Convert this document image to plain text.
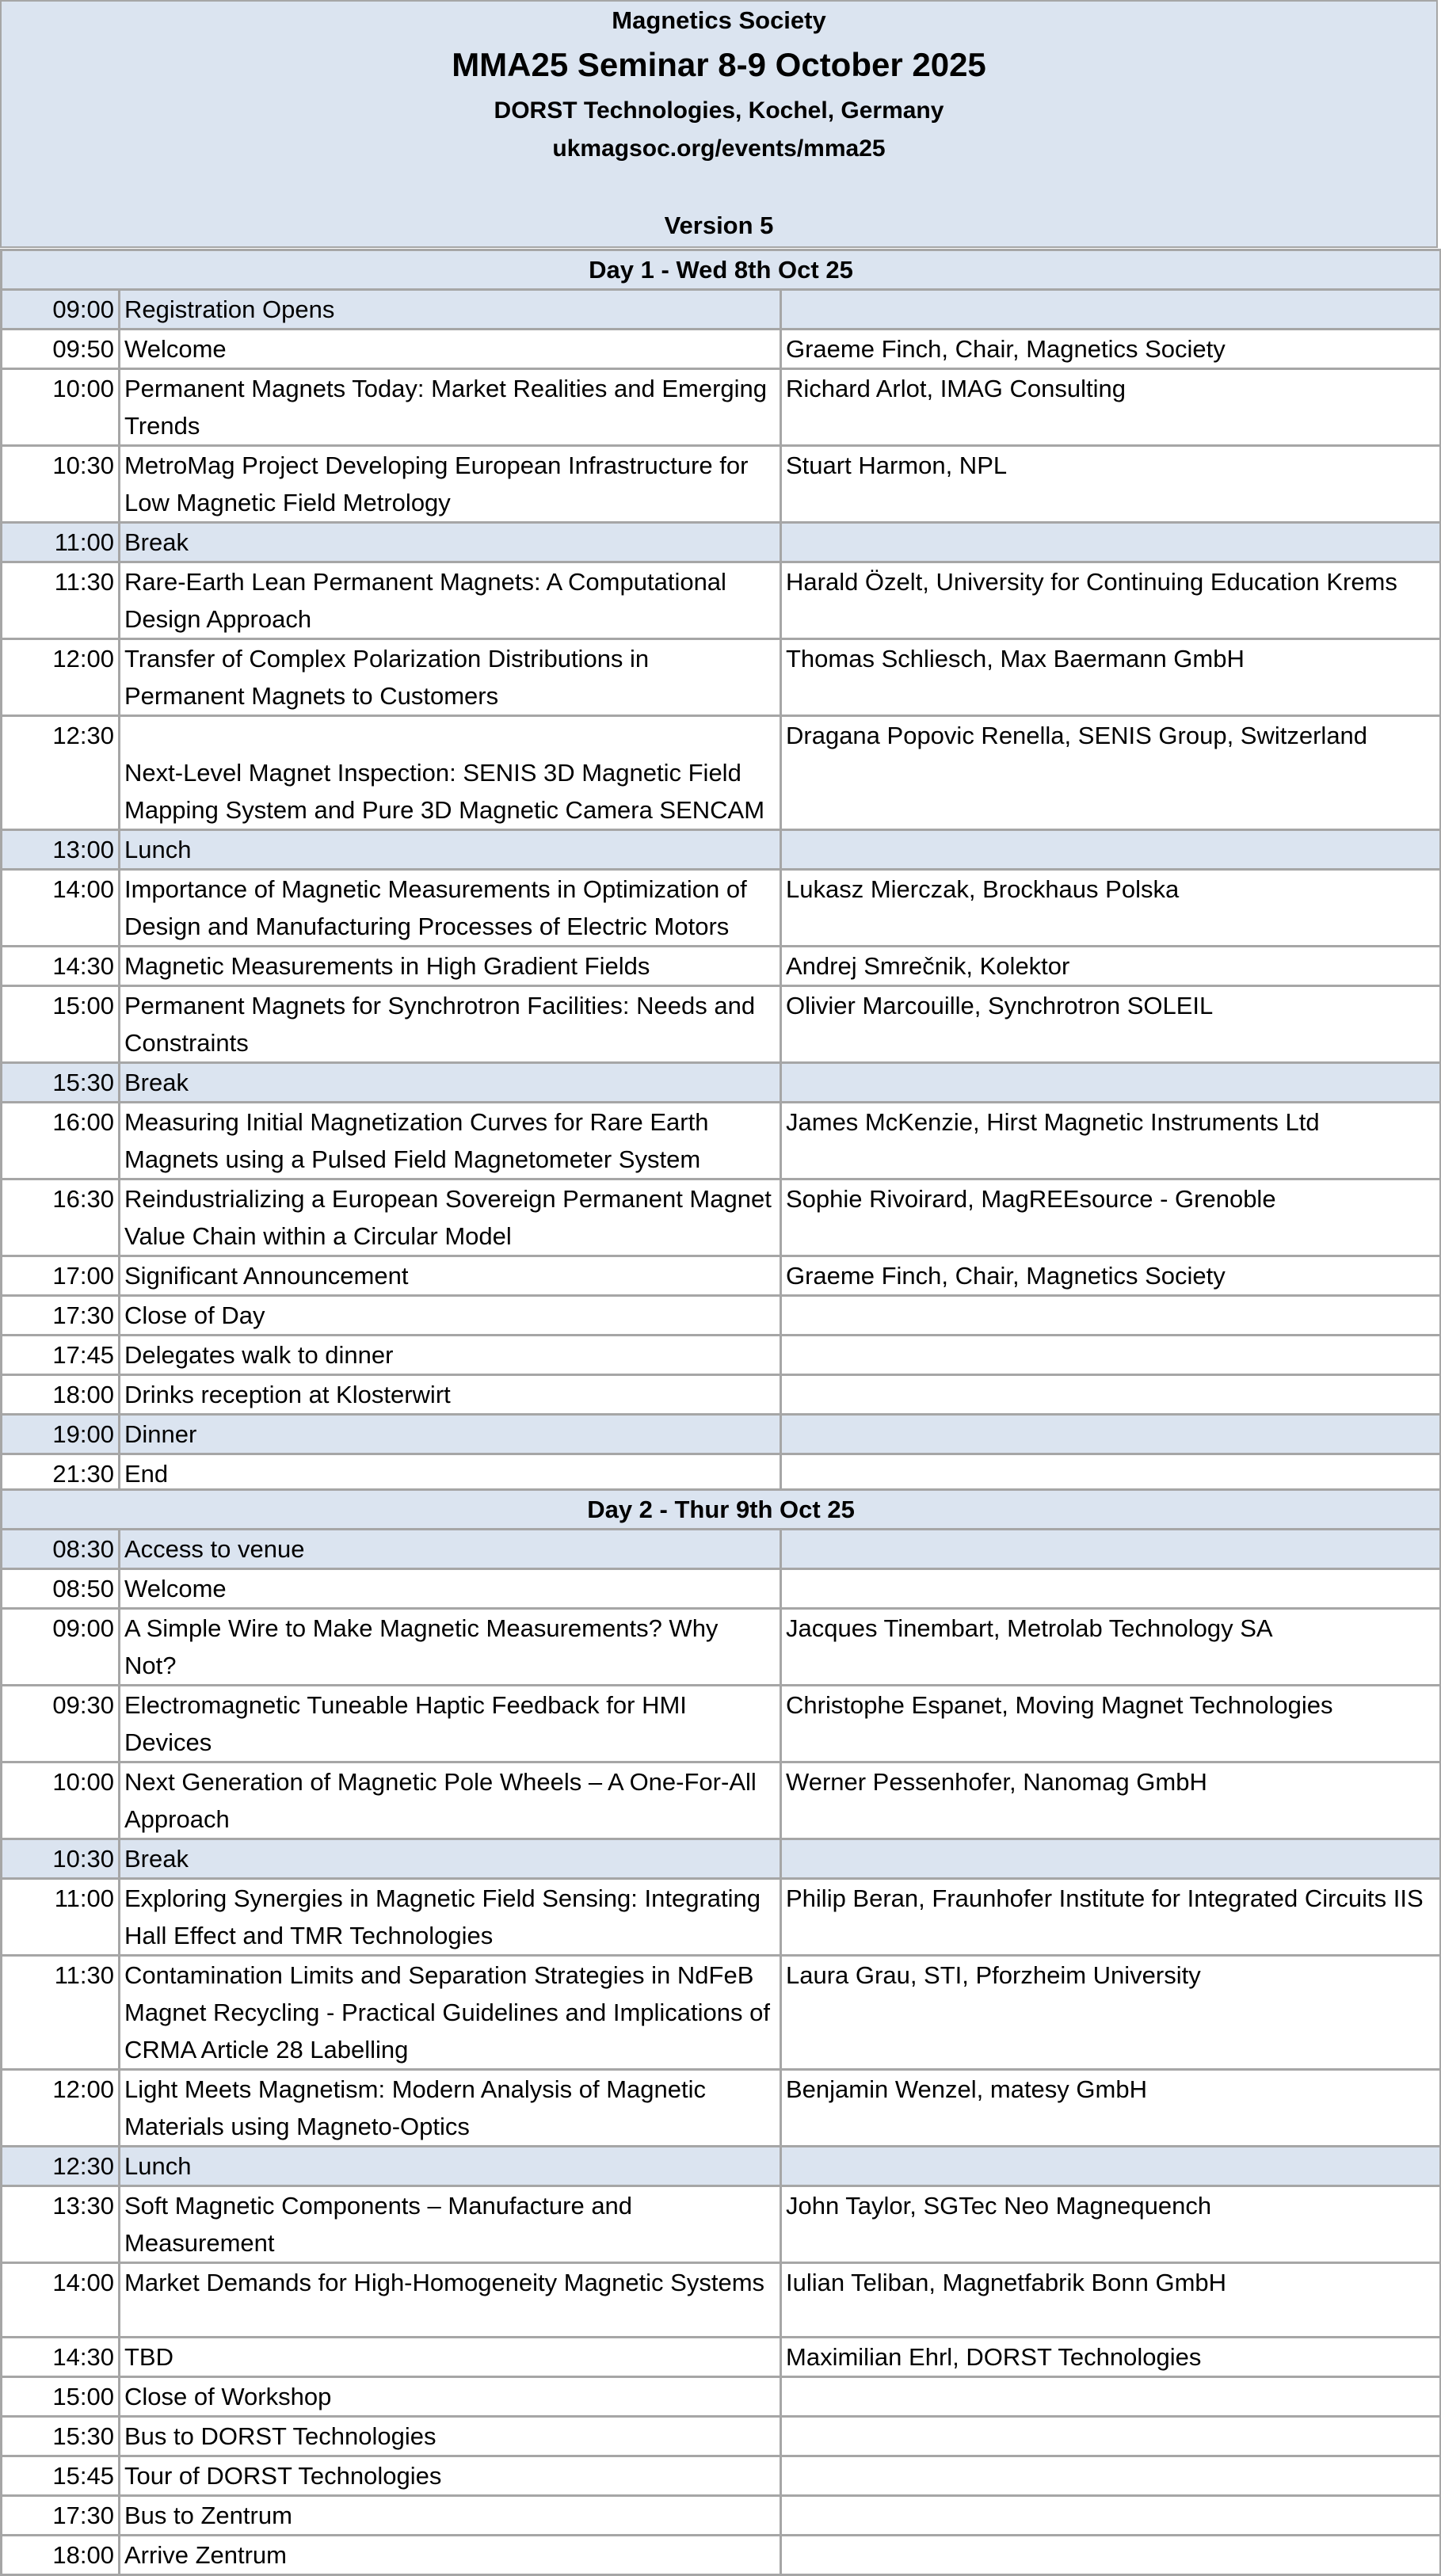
Magnetics Society
MMA25 Seminar 8-9 October 2025
DORST Technologies, Kochel, Germany
ukmagsoc.org/events/mma25
Version 5
Day 1 - Wed 8th Oct 25		
09:00	Registration Opens	
09:50	Welcome	Graeme Finch, Chair, Magnetics Society
10:00	Permanent Magnets Today: Market Realities and Emerging Trends	Richard Arlot, IMAG Consulting
10:30	MetroMag Project Developing European Infrastructure for Low Magnetic Field Metrology	Stuart Harmon, NPL
11:00	Break	
11:30	Rare-Earth Lean Permanent Magnets: A Computational Design Approach	Harald Özelt, University for Continuing Education Krems
12:00	Transfer of Complex Polarization Distributions in Permanent Magnets to Customers	Thomas Schliesch, Max Baermann GmbH
12:30	Next-Level Magnet Inspection: SENIS 3D Magnetic Field Mapping System and Pure 3D Magnetic Camera SENCAM	Dragana Popovic Renella, SENIS Group, Switzerland
13:00	Lunch	
14:00	Importance of Magnetic Measurements in Optimization of Design and Manufacturing Processes of Electric Motors	Lukasz Mierczak, Brockhaus Polska
14:30	Magnetic Measurements in High Gradient Fields	Andrej Smrečnik, Kolektor
15:00	Permanent Magnets for Synchrotron Facilities: Needs and Constraints	Olivier Marcouille, Synchrotron SOLEIL
15:30	Break	
16:00	Measuring Initial Magnetization Curves for Rare Earth Magnets using a Pulsed Field Magnetometer System	James McKenzie, Hirst Magnetic Instruments Ltd
16:30	Reindustrializing a European Sovereign Permanent Magnet Value Chain within a Circular Model	Sophie Rivoirard, MagREEsource - Grenoble
17:00	Significant Announcement	Graeme Finch, Chair, Magnetics Society
17:30	Close of Day	
17:45	Delegates walk to dinner	
18:00	Drinks reception at Klosterwirt	
19:00	Dinner	
21:30	End	
Day 2 - Thur 9th Oct 25		
08:30	Access to venue	
08:50	Welcome	
09:00	A Simple Wire to Make Magnetic Measurements? Why Not?	Jacques Tinembart, Metrolab Technology SA
09:30	Electromagnetic Tuneable Haptic Feedback for HMI Devices	Christophe Espanet, Moving Magnet Technologies
10:00	Next Generation of Magnetic Pole Wheels – A One-For-All Approach	Werner Pessenhofer, Nanomag GmbH
10:30	Break	
11:00	Exploring Synergies in Magnetic Field Sensing: Integrating Hall Effect and TMR Technologies	Philip Beran, Fraunhofer Institute for Integrated Circuits IIS
11:30	Contamination Limits and Separation Strategies in NdFeB Magnet Recycling - Practical Guidelines and Implications of CRMA Article 28 Labelling	Laura Grau, STI, Pforzheim University
12:00	Light Meets Magnetism: Modern Analysis of Magnetic Materials using Magneto-Optics	Benjamin Wenzel, matesy GmbH
12:30	Lunch	
13:30	Soft Magnetic Components – Manufacture and Measurement	John Taylor, SGTec Neo Magnequench
14:00	Market Demands for High-Homogeneity Magnetic Systems	Iulian Teliban, Magnetfabrik Bonn GmbH
14:30	TBD	Maximilian Ehrl, DORST Technologies
15:00	Close of Workshop	
15:30	Bus to DORST Technologies	
15:45	Tour of DORST Technologies	
17:30	Bus to Zentrum	
18:00	Arrive Zentrum	
